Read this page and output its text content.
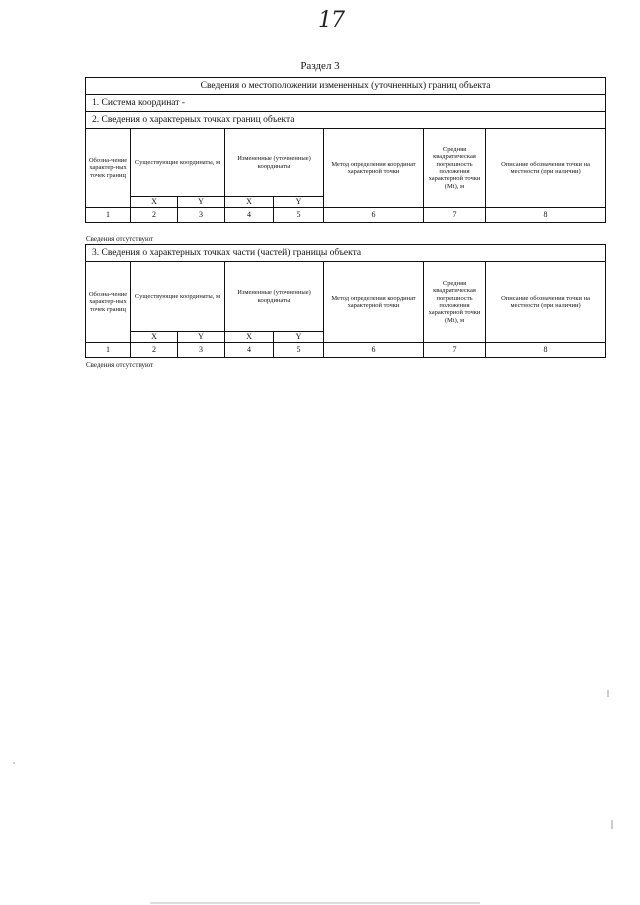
17
Раздел 3
Сведения о местоположении измененных (уточненных) границ объекта							
1. Система координат -							
2. Сведения о характерных точках границ объекта							
Обозна-чение характер-ных точек границ	Существующие координаты, м		Измененные (уточненные) координаты		Метод определения координат характерной точки	Средняя квадратическая погрешность положения характерной точки (Mt), м	Описание обозначения точки на местности (при наличии)
	X	Y	X	Y			
1	2	3	4	5	6	7	8
Сведения отсутствуют
3. Сведения о характерных точках части (частей) границы объекта							
Обозна-чение характер-ных точек границ	Существующие координаты, м		Измененные (уточненные) координаты		Метод определения координат характерной точки	Средняя квадратическая погрешность положения характерной точки (Mt), м	Описание обозначения точки на местности (при наличии)
	X	Y	X	Y			
1	2	3	4	5	6	7	8
Сведения отсутствуют
